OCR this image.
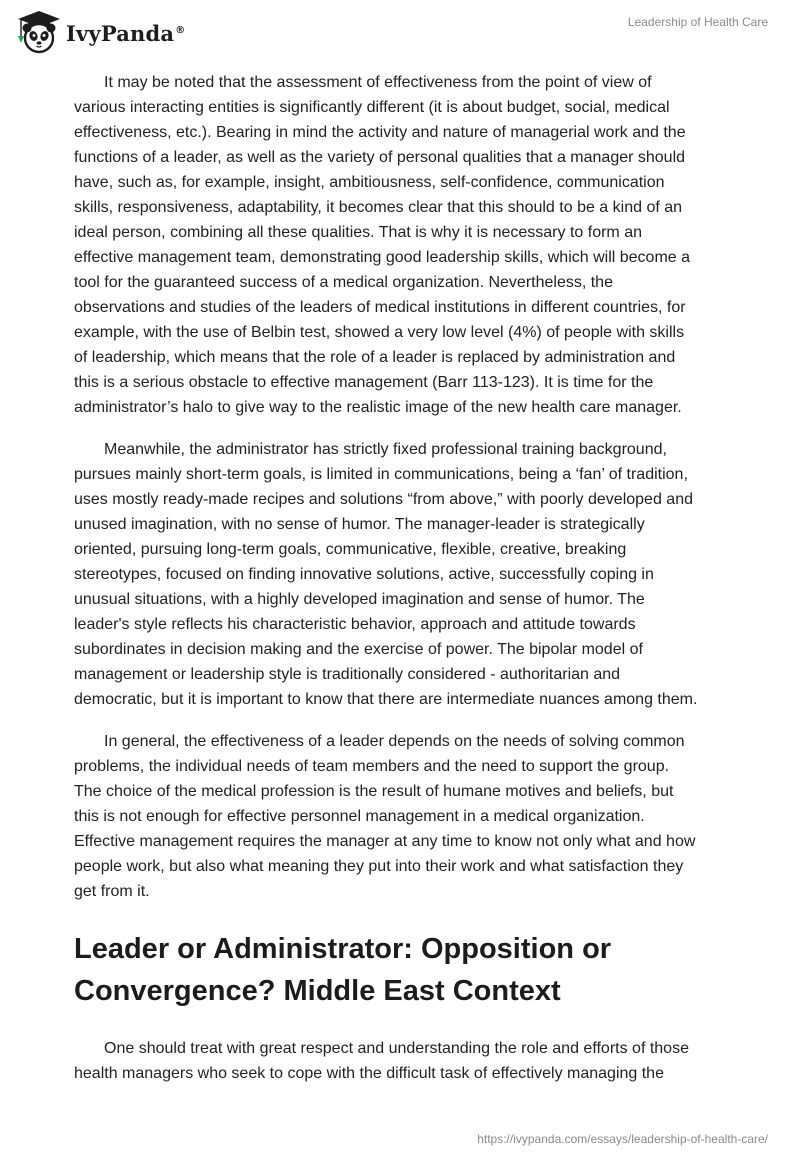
IvyPanda®
Leadership of Health Care

It may be noted that the assessment of effectiveness from the point of view of
various interacting entities is significantly different (it is about budget, social, medical
effectiveness, etc.). Bearing in mind the activity and nature of managerial work and the
functions of a leader, as well as the variety of personal qualities that a manager should
have, such as, for example, insight, ambitiousness, self-confidence, communication
skills, responsiveness, adaptability, it becomes clear that this should to be a kind of an
ideal person, combining all these qualities. That is why it is necessary to form an
effective management team, demonstrating good leadership skills, which will become a
tool for the guaranteed success of a medical organization. Nevertheless, the
observations and studies of the leaders of medical institutions in different countries, for
example, with the use of Belbin test, showed a very low level (4%) of people with skills
of leadership, which means that the role of a leader is replaced by administration and
this is a serious obstacle to effective management (Barr 113-123). It is time for the
administrator’s halo to give way to the realistic image of the new health care manager.

Meanwhile, the administrator has strictly fixed professional training background,
pursues mainly short-term goals, is limited in communications, being a ‘fan’ of tradition,
uses mostly ready-made recipes and solutions “from above,” with poorly developed and
unused imagination, with no sense of humor. The manager-leader is strategically
oriented, pursuing long-term goals, communicative, flexible, creative, breaking
stereotypes, focused on finding innovative solutions, active, successfully coping in
unusual situations, with a highly developed imagination and sense of humor. The
leader's style reflects his characteristic behavior, approach and attitude towards
subordinates in decision making and the exercise of power. The bipolar model of
management or leadership style is traditionally considered - authoritarian and
democratic, but it is important to know that there are intermediate nuances among them.

In general, the effectiveness of a leader depends on the needs of solving common
problems, the individual needs of team members and the need to support the group.
The choice of the medical profession is the result of humane motives and beliefs, but
this is not enough for effective personnel management in a medical organization.
Effective management requires the manager at any time to know not only what and how
people work, but also what meaning they put into their work and what satisfaction they
get from it.

Leader or Administrator: Opposition or
Convergence? Middle East Context

One should treat with great respect and understanding the role and efforts of those
health managers who seek to cope with the difficult task of effectively managing the

https://ivypanda.com/essays/leadership-of-health-care/
